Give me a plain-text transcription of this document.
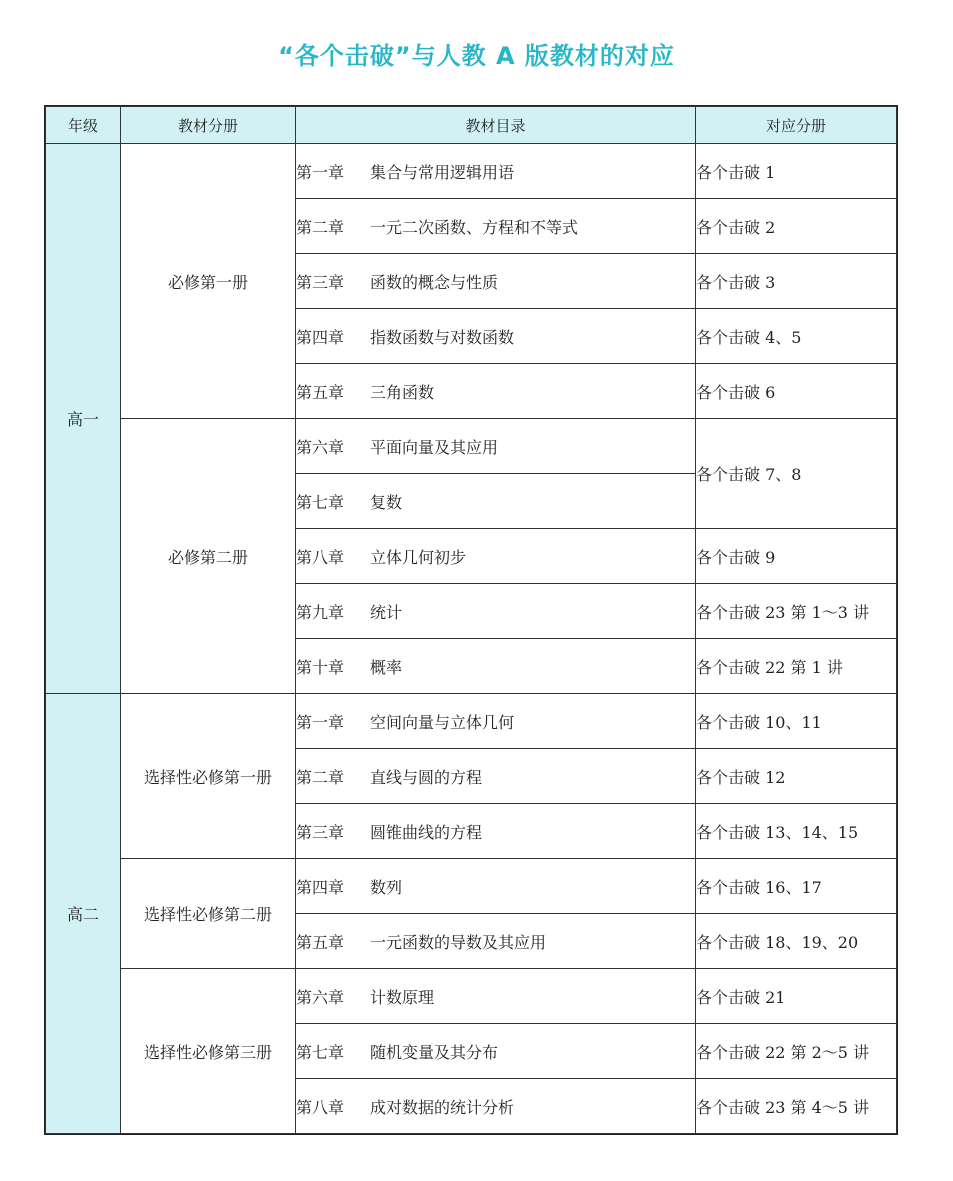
“各个击破”与人教 A 版教材的对应
年级	教材分册	教材目录	对应分册
高一	必修第一册	第一章 集合与常用逻辑用语	各个击破 1
		第二章 一元二次函数、方程和不等式	各个击破 2
		第三章 函数的概念与性质	各个击破 3
		第四章 指数函数与对数函数	各个击破 4、5
		第五章 三角函数	各个击破 6
	必修第二册	第六章 平面向量及其应用	各个击破 7、8
		第七章 复数	
		第八章 立体几何初步	各个击破 9
		第九章 统计	各个击破 23 第 1～3 讲
		第十章 概率	各个击破 22 第 1 讲
高二	选择性必修第一册	第一章 空间向量与立体几何	各个击破 10、11
		第二章 直线与圆的方程	各个击破 12
		第三章 圆锥曲线的方程	各个击破 13、14、15
	选择性必修第二册	第四章 数列	各个击破 16、17
		第五章 一元函数的导数及其应用	各个击破 18、19、20
	选择性必修第三册	第六章 计数原理	各个击破 21
		第七章 随机变量及其分布	各个击破 22 第 2～5 讲
		第八章 成对数据的统计分析	各个击破 23 第 4～5 讲
